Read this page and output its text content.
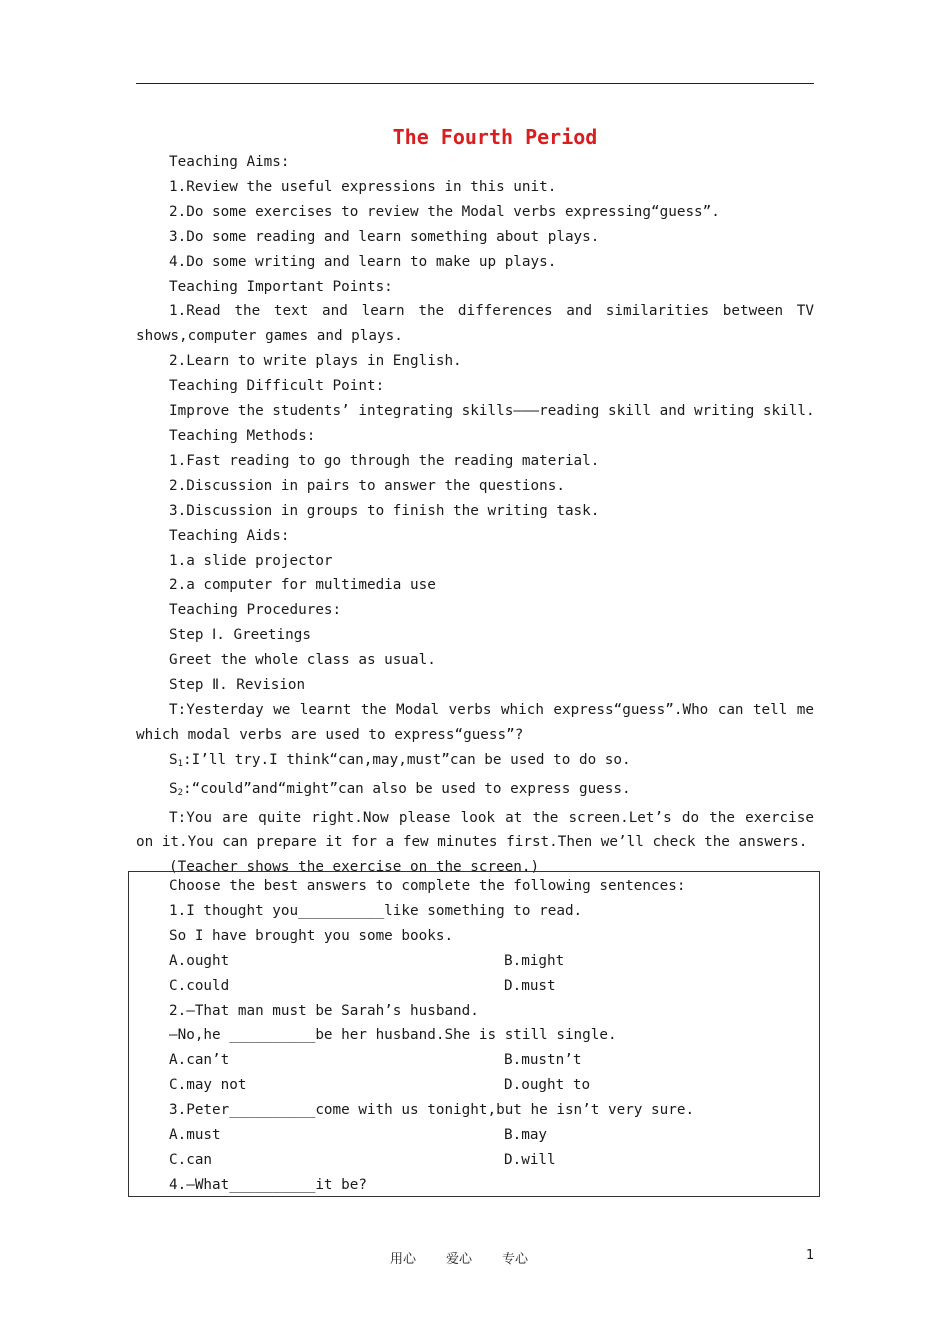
The Fourth Period

Teaching Aims:

1.Review the useful expressions in this unit.

2.Do some exercises to review the Modal verbs expressing“guess”.

3.Do some reading and learn something about plays.

4.Do some writing and learn to make up plays.

Teaching Important Points:

1.Read the text and learn the differences and similarities between TV shows,computer games and plays.

2.Learn to write plays in English.

Teaching Difficult Point:

Improve the students’ integrating skills———reading skill and writing skill.

Teaching Methods:

1.Fast reading to go through the reading material.

2.Discussion in pairs to answer the questions.

3.Discussion in groups to finish the writing task.

Teaching Aids:

1.a slide projector

2.a computer for multimedia use

Teaching Procedures:

Step Ⅰ. Greetings

Greet the whole class as usual.

Step Ⅱ. Revision

T:Yesterday we learnt the Modal verbs which express“guess”.Who can tell me which modal verbs are used to express“guess”?

$S_1:I’ll$ try.I think“can,may,must”can be used to do so.

$S_2:“could”and“might”can$ also be used to express guess.

T:You are quite right.Now please look at the screen.Let’s do the exercise on it.You can prepare it for a few minutes first.Then we’ll check the answers.

(Teacher shows the exercise on the screen.)

Choose the best answers to complete the following sentences:

1.I thought you__________like something to read.

So I have brought you some books.

A.ought	B.might
C.could	D.must

2.—That man must be Sarah’s husband.

—No,he __________be her husband.She is still single.

A.can’t	B.mustn’t
C.may not	D.ought to

3.Peter__________come with us tonight,but he isn’t very sure.

A.must	B.may
C.can	D.will

4.—What__________it be?

用心 爱心 专心	1
